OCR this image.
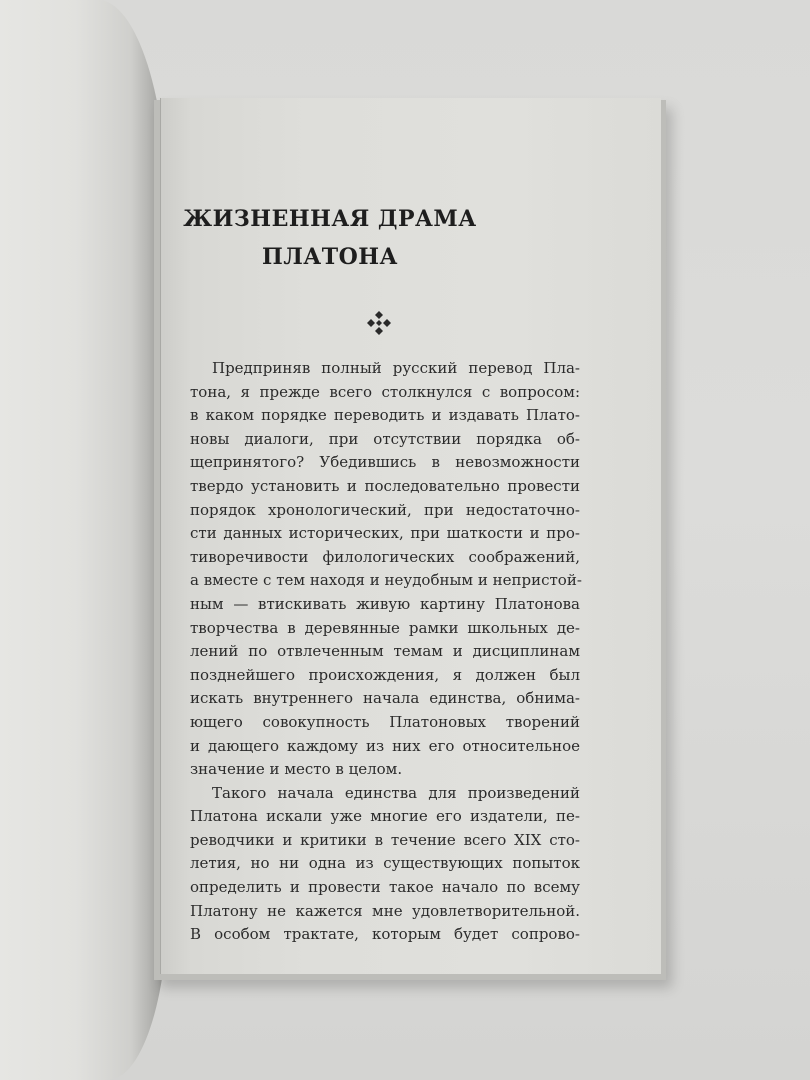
ЖИЗНЕННАЯ ДРАМА
ПЛАТОНА
Предприняв полный русский перевод Пла-
тона, я прежде всего столкнулся с вопросом:
в каком порядке переводить и издавать Плато-
новы диалоги, при отсутствии порядка об-
щепринятого? Убедившись в невозможности
твердо установить и последовательно провести
порядок хронологический, при недостаточно-
сти данных исторических, при шаткости и про-
тиворечивости филологических соображений,
а вместе с тем находя и неудобным и непристой-
ным — втискивать живую картину Платонова
творчества в деревянные рамки школьных де-
лений по отвлеченным темам и дисциплинам
позднейшего происхождения, я должен был
искать внутреннего начала единства, обнима-
ющего совокупность Платоновых творений
и дающего каждому из них его относительное
значение и место в целом.
Такого начала единства для произведений
Платона искали уже многие его издатели, пе-
реводчики и критики в течение всего XIX сто-
летия, но ни одна из существующих попыток
определить и провести такое начало по всему
Платону не кажется мне удовлетворительной.
В особом трактате, которым будет сопрово-
